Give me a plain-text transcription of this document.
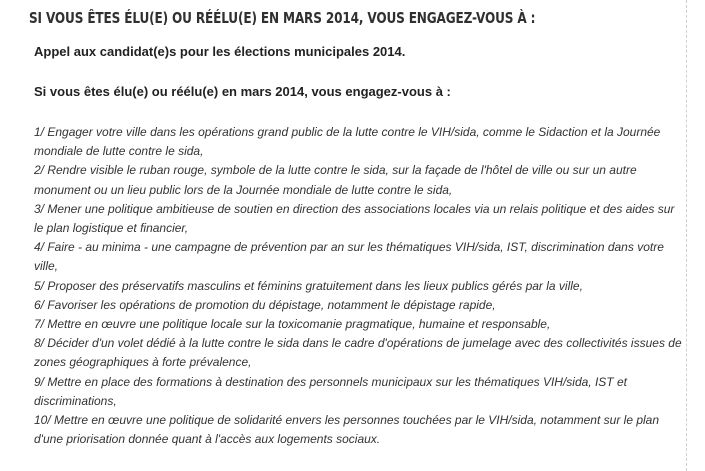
SI VOUS ÊTES ÉLU(E) OU RÉÉLU(E) EN MARS 2014, VOUS ENGAGEZ-VOUS À :

Appel aux candidat(e)s pour les élections municipales 2014.

Si vous êtes élu(e) ou réélu(e) en mars 2014, vous engagez-vous à :

1/ Engager votre ville dans les opérations grand public de la lutte contre le VIH/sida, comme le Sidaction et la Journée mondiale de lutte contre le sida,
2/ Rendre visible le ruban rouge, symbole de la lutte contre le sida, sur la façade de l'hôtel de ville ou sur un autre monument ou un lieu public lors de la Journée mondiale de lutte contre le sida,
3/ Mener une politique ambitieuse de soutien en direction des associations locales via un relais politique et des aides sur le plan logistique et financier,
4/ Faire - au minima - une campagne de prévention par an sur les thématiques VIH/sida, IST, discrimination dans votre ville,
5/ Proposer des préservatifs masculins et féminins gratuitement dans les lieux publics gérés par la ville,
6/ Favoriser les opérations de promotion du dépistage, notamment le dépistage rapide,
7/ Mettre en œuvre une politique locale sur la toxicomanie pragmatique, humaine et responsable,
8/ Décider d'un volet dédié à la lutte contre le sida dans le cadre d'opérations de jumelage avec des collectivités issues de zones géographiques à forte prévalence,
9/ Mettre en place des formations à destination des personnels municipaux sur les thématiques VIH/sida, IST et discriminations,
10/ Mettre en œuvre une politique de solidarité envers les personnes touchées par le VIH/sida, notamment sur le plan d'une priorisation donnée quant à l'accès aux logements sociaux.
